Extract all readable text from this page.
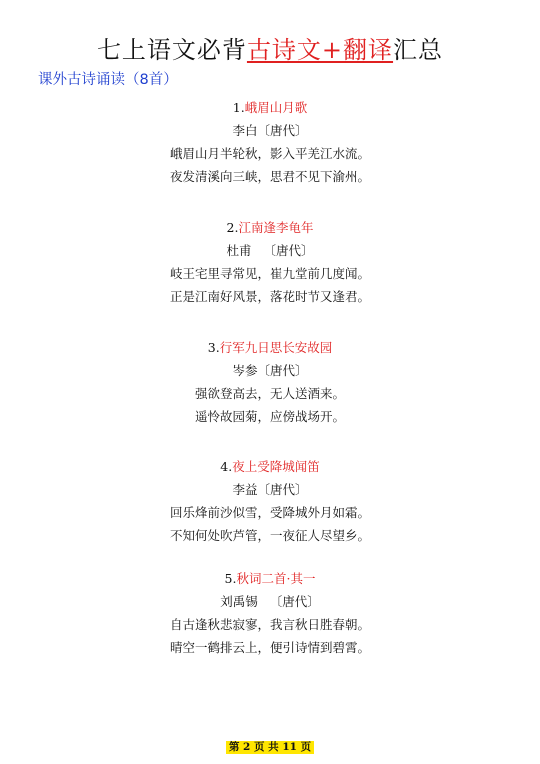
七上语文必背古诗文+翻译汇总
课外古诗诵读（8首）
1.峨眉山月歌
李白〔唐代〕
峨眉山月半轮秋，影入平羌江水流。
夜发清溪向三峡，思君不见下渝州。
2.江南逢李龟年
杜甫   〔唐代〕
岐王宅里寻常见，崔九堂前几度闻。
正是江南好风景，落花时节又逢君。
3.行军九日思长安故园
岑参〔唐代〕
强欲登高去，无人送酒来。
遥怜故园菊，应傍战场开。
4.夜上受降城闻笛
李益〔唐代〕
回乐烽前沙似雪，受降城外月如霜。
不知何处吹芦管，一夜征人尽望乡。
5.秋词二首·其一
刘禹锡   〔唐代〕
自古逢秋悲寂寥，我言秋日胜春朝。
晴空一鹤排云上，便引诗情到碧霄。
第 2 页 共 11 页
